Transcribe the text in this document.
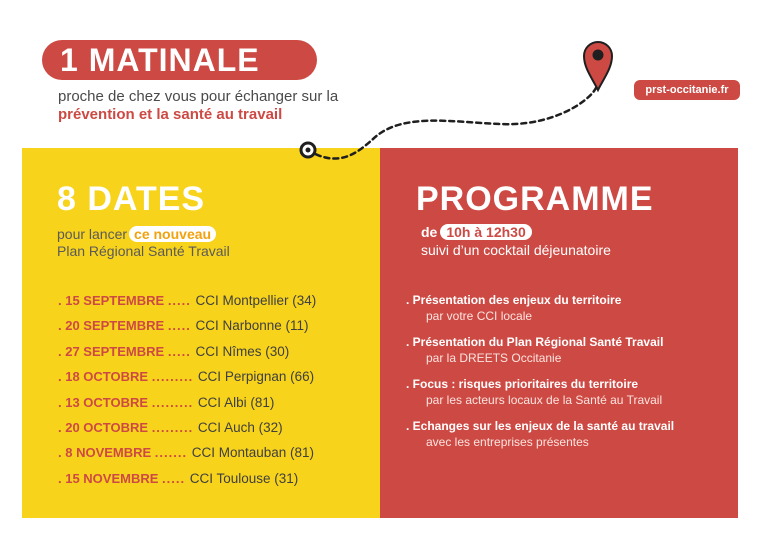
1 MATINALE
proche de chez vous pour échanger sur la
prévention et la santé au travail
prst-occitanie.fr
8 DATES
pour lancer ce nouveau
Plan Régional Santé Travail
. 15 SEPTEMBRE ..... CCI Montpellier (34)
. 20 SEPTEMBRE ..... CCI Narbonne (11)
. 27 SEPTEMBRE ..... CCI Nîmes (30)
. 18 OCTOBRE ......... CCI Perpignan (66)
. 13 OCTOBRE ......... CCI Albi (81)
. 20 OCTOBRE ......... CCI Auch (32)
. 8 NOVEMBRE ....... CCI Montauban (81)
. 15 NOVEMBRE ..... CCI Toulouse (31)
PROGRAMME
de 10h à 12h30
suivi d’un cocktail déjeunatoire
. Présentation des enjeux du territoire
par votre CCI locale
. Présentation du Plan Régional Santé Travail
par la DREETS Occitanie
. Focus : risques prioritaires du territoire
par les acteurs locaux de la Santé au Travail
. Echanges sur les enjeux de la santé au travail
avec les entreprises présentes
